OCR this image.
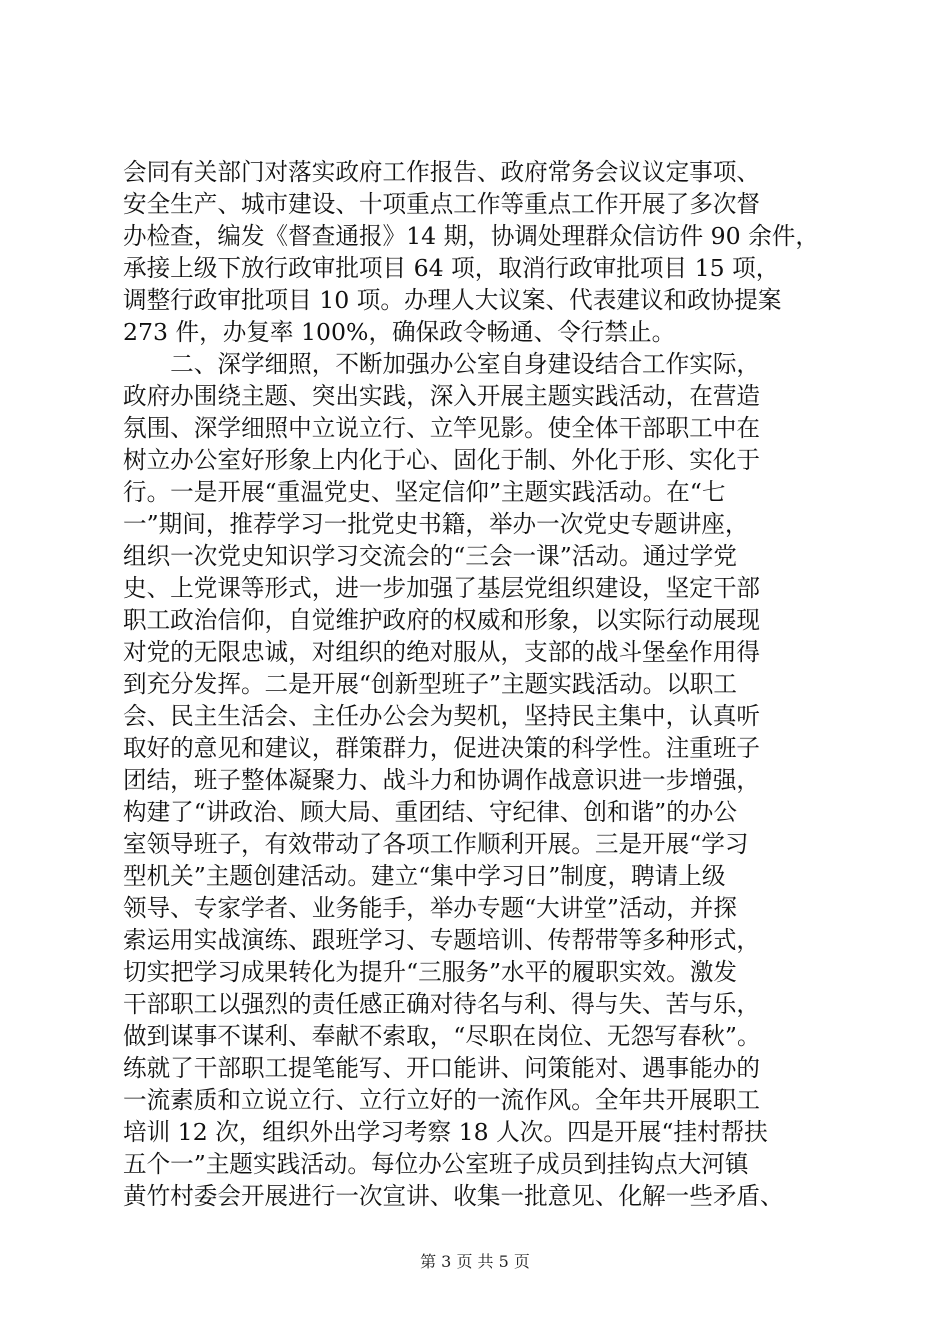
会同有关部门对落实政府工作报告、政府常务会议议定事项、
安全生产、城市建设、十项重点工作等重点工作开展了多次督
办检查，编发《督查通报》14 期，协调处理群众信访件 90 余件，
承接上级下放行政审批项目 64 项，取消行政审批项目 15 项，
调整行政审批项目 10 项。办理人大议案、代表建议和政协提案
273 件，办复率 100%，确保政令畅通、令行禁止。
　　二、深学细照，不断加强办公室自身建设结合工作实际，
政府办围绕主题、突出实践，深入开展主题实践活动，在营造
氛围、深学细照中立说立行、立竿见影。使全体干部职工中在
树立办公室好形象上内化于心、固化于制、外化于形、实化于
行。一是开展“重温党史、坚定信仰”主题实践活动。在“七
一”期间，推荐学习一批党史书籍，举办一次党史专题讲座，
组织一次党史知识学习交流会的“三会一课”活动。通过学党
史、上党课等形式，进一步加强了基层党组织建设，坚定干部
职工政治信仰，自觉维护政府的权威和形象，以实际行动展现
对党的无限忠诚，对组织的绝对服从，支部的战斗堡垒作用得
到充分发挥。二是开展“创新型班子”主题实践活动。以职工
会、民主生活会、主任办公会为契机，坚持民主集中，认真听
取好的意见和建议，群策群力，促进决策的科学性。注重班子
团结，班子整体凝聚力、战斗力和协调作战意识进一步增强，
构建了“讲政治、顾大局、重团结、守纪律、创和谐”的办公
室领导班子，有效带动了各项工作顺利开展。三是开展“学习
型机关”主题创建活动。建立“集中学习日”制度，聘请上级
领导、专家学者、业务能手，举办专题“大讲堂”活动，并探
索运用实战演练、跟班学习、专题培训、传帮带等多种形式，
切实把学习成果转化为提升“三服务”水平的履职实效。激发
干部职工以强烈的责任感正确对待名与利、得与失、苦与乐，
做到谋事不谋利、奉献不索取，“尽职在岗位、无怨写春秋”。
练就了干部职工提笔能写、开口能讲、问策能对、遇事能办的
一流素质和立说立行、立行立好的一流作风。全年共开展职工
培训 12 次，组织外出学习考察 18 人次。四是开展“挂村帮扶
五个一”主题实践活动。每位办公室班子成员到挂钩点大河镇
黄竹村委会开展进行一次宣讲、收集一批意见、化解一些矛盾、
第 3 页 共 5 页
